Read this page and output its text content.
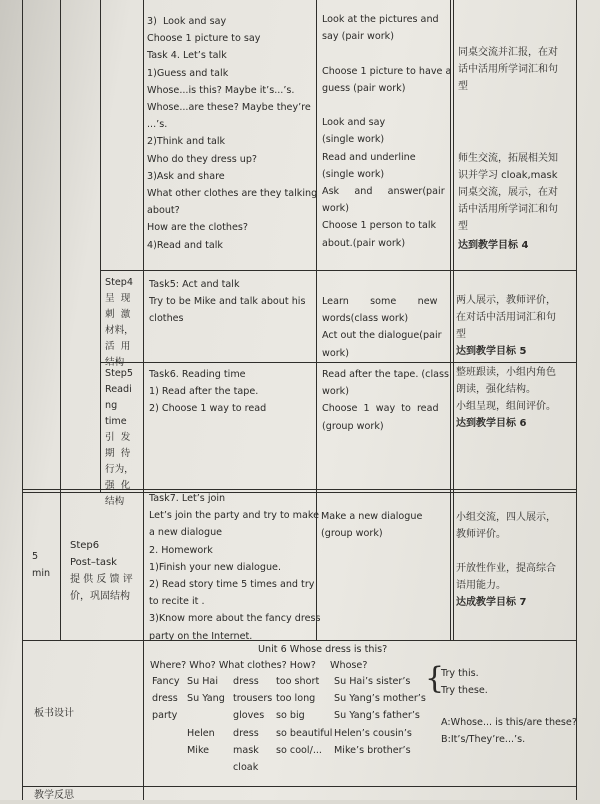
3)  Look and say
Choose 1 picture to say
Task 4. Let’s talk
1)Guess and talk
Whose...is this? Maybe it’s...’s.
Whose...are these? Maybe they’re
...’s.
2)Think and talk
Who do they dress up?
3)Ask and share
What other clothes are they talking
about?
How are the clothes?
4)Read and talk
Look at the pictures and
say (pair work)

Choose 1 picture to have a
guess (pair work)

Look and say
(single work)
Read and underline
(single work)
Ask     and     answer(pair
work)
Choose 1 person to talk
about.(pair work)
同桌交流并汇报，在对
话中活用所学词汇和句
型
师生交流，拓展相关知
识并学习 cloak,mask
同桌交流，展示，在对
话中活用所学词汇和句
型
达到教学目标 4
Step4
呈  现
刺  激
材料，
活  用
结构
Task5: Act and talk
Try to be Mike and talk about his
clothes
Learn       some       new
words(class work)
Act out the dialogue(pair
work)
两人展示，教师评价，
在对话中活用词汇和句
型
达到教学目标 5
Step5
Readi
ng
time
引  发
期  待
行为，
强  化
结构
Task6. Reading time
1) Read after the tape.
2) Choose 1 way to read
Read after the tape. (class
work)
Choose  1  way  to  read
(group work)
整班跟读，小组内角色
朗读，强化结构。
小组呈现，组间评价。
达到教学目标 6
5
min
Step6
Post–task
提 供 反 馈 评
价，巩固结构
Task7. Let’s join
Let’s join the party and try to make
a new dialogue
2. Homework
1)Finish your new dialogue.
2) Read story time 5 times and try
to recite it .
3)Know more about the fancy dress
party on the Internet.
Make a new dialogue
(group work)
小组交流，四人展示，
教师评价。
开放性作业，提高综合
语用能力。
达成教学目标 7
板书设计
Unit 6 Whose dress is this?
Where? Who? What clothes? How? Whose?
Fancy
dress
party
Su Hai
Su Yang

Helen
Mike
dress
trousers
gloves
dress
mask
cloak
too short
too long
so big
so beautiful
so cool/...
Su Hai’s sister’s
Su Yang’s mother’s
Su Yang’s father’s
Helen’s cousin’s
Mike’s brother’s
{
Try this.
Try these.
A:Whose... is this/are these?
B:It’s/They’re...’s.
教学反思
